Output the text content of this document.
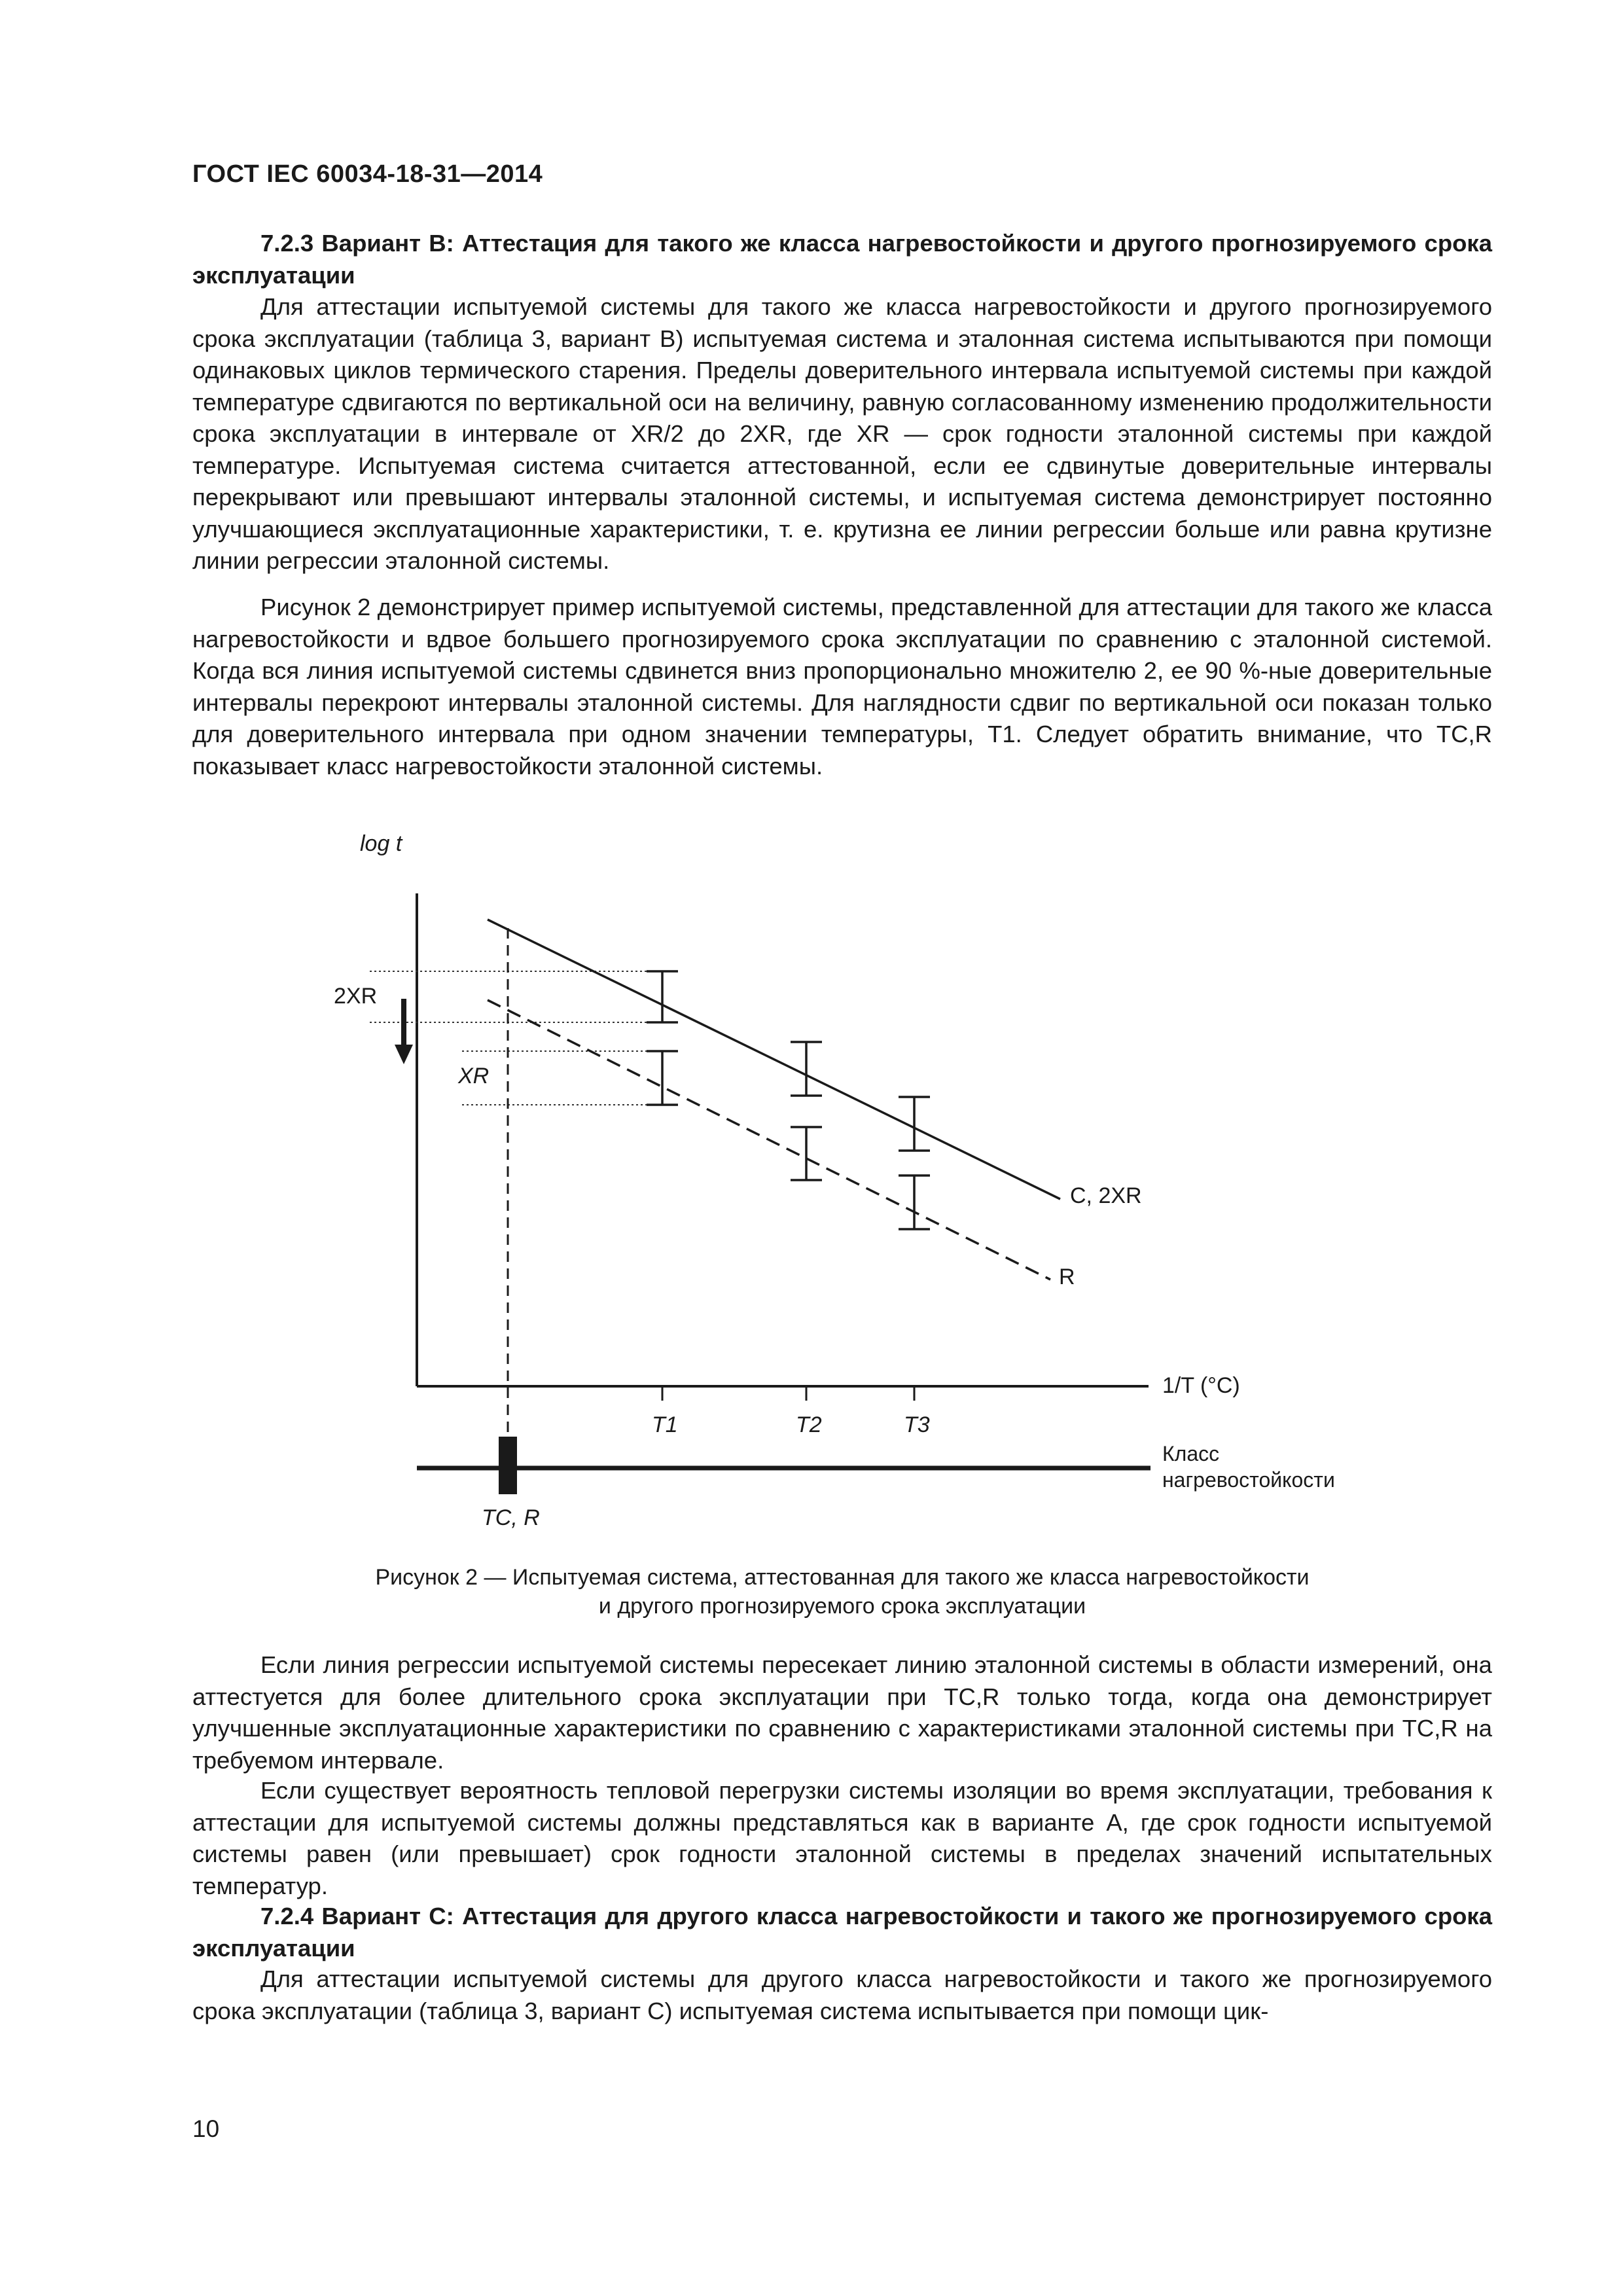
ГОСТ IEC 60034-18-31—2014
7.2.3 Вариант В: Аттестация для такого же класса нагревостойкости и другого прогнозируемого срока эксплуатации
Для аттестации испытуемой системы для такого же класса нагревостойкости и другого прогнозируемого срока эксплуатации (таблица 3, вариант В) испытуемая система и эталонная система испытываются при помощи одинаковых циклов термического старения. Пределы доверительного интервала испытуемой системы при каждой температуре сдвигаются по вертикальной оси на величину, равную согласованному изменению продолжительности срока эксплуатации в интервале от XR/2 до 2XR, где XR — срок годности эталонной системы при каждой температуре. Испытуемая система считается аттестованной, если ее сдвинутые доверительные интервалы перекрывают или превышают интервалы эталонной системы, и испытуемая система демонстрирует постоянно улучшающиеся эксплуатационные характеристики, т. е. крутизна ее линии регрессии больше или равна крутизне линии регрессии эталонной системы.
Рисунок 2 демонстрирует пример испытуемой системы, представленной для аттестации для такого же класса нагревостойкости и вдвое большего прогнозируемого срока эксплуатации по сравнению с эталонной системой. Когда вся линия испытуемой системы сдвинется вниз пропорционально множителю 2, ее 90 %-ные доверительные интервалы перекроют интервалы эталонной системы. Для наглядности сдвиг по вертикальной оси показан только для доверительного интервала при одном значении температуры, T1. Следует обратить внимание, что TC,R показывает класс нагревостойкости эталонной системы.
log t
1/T (°C)
2XR
XR
C, 2XR
R
T1	T2	T3
TC, R
Класс
нагревостойкости
Рисунок 2 — Испытуемая система, аттестованная для такого же класса нагревостойкости
и другого прогнозируемого срока эксплуатации
Если линия регрессии испытуемой системы пересекает линию эталонной системы в области измерений, она аттестуется для более длительного срока эксплуатации при TC,R только тогда, когда она демонстрирует улучшенные эксплуатационные характеристики по сравнению с характеристиками эталонной системы при TC,R на требуемом интервале.
Если существует вероятность тепловой перегрузки системы изоляции во время эксплуатации, требования к аттестации для испытуемой системы должны представляться как в варианте А, где срок годности испытуемой системы равен (или превышает) срок годности эталонной системы в пределах значений испытательных температур.
7.2.4 Вариант С: Аттестация для другого класса нагревостойкости и такого же прогнозируемого срока эксплуатации
Для аттестации испытуемой системы для другого класса нагревостойкости и такого же прогнозируемого срока эксплуатации (таблица 3, вариант С) испытуемая система испытывается при помощи цик-
10
